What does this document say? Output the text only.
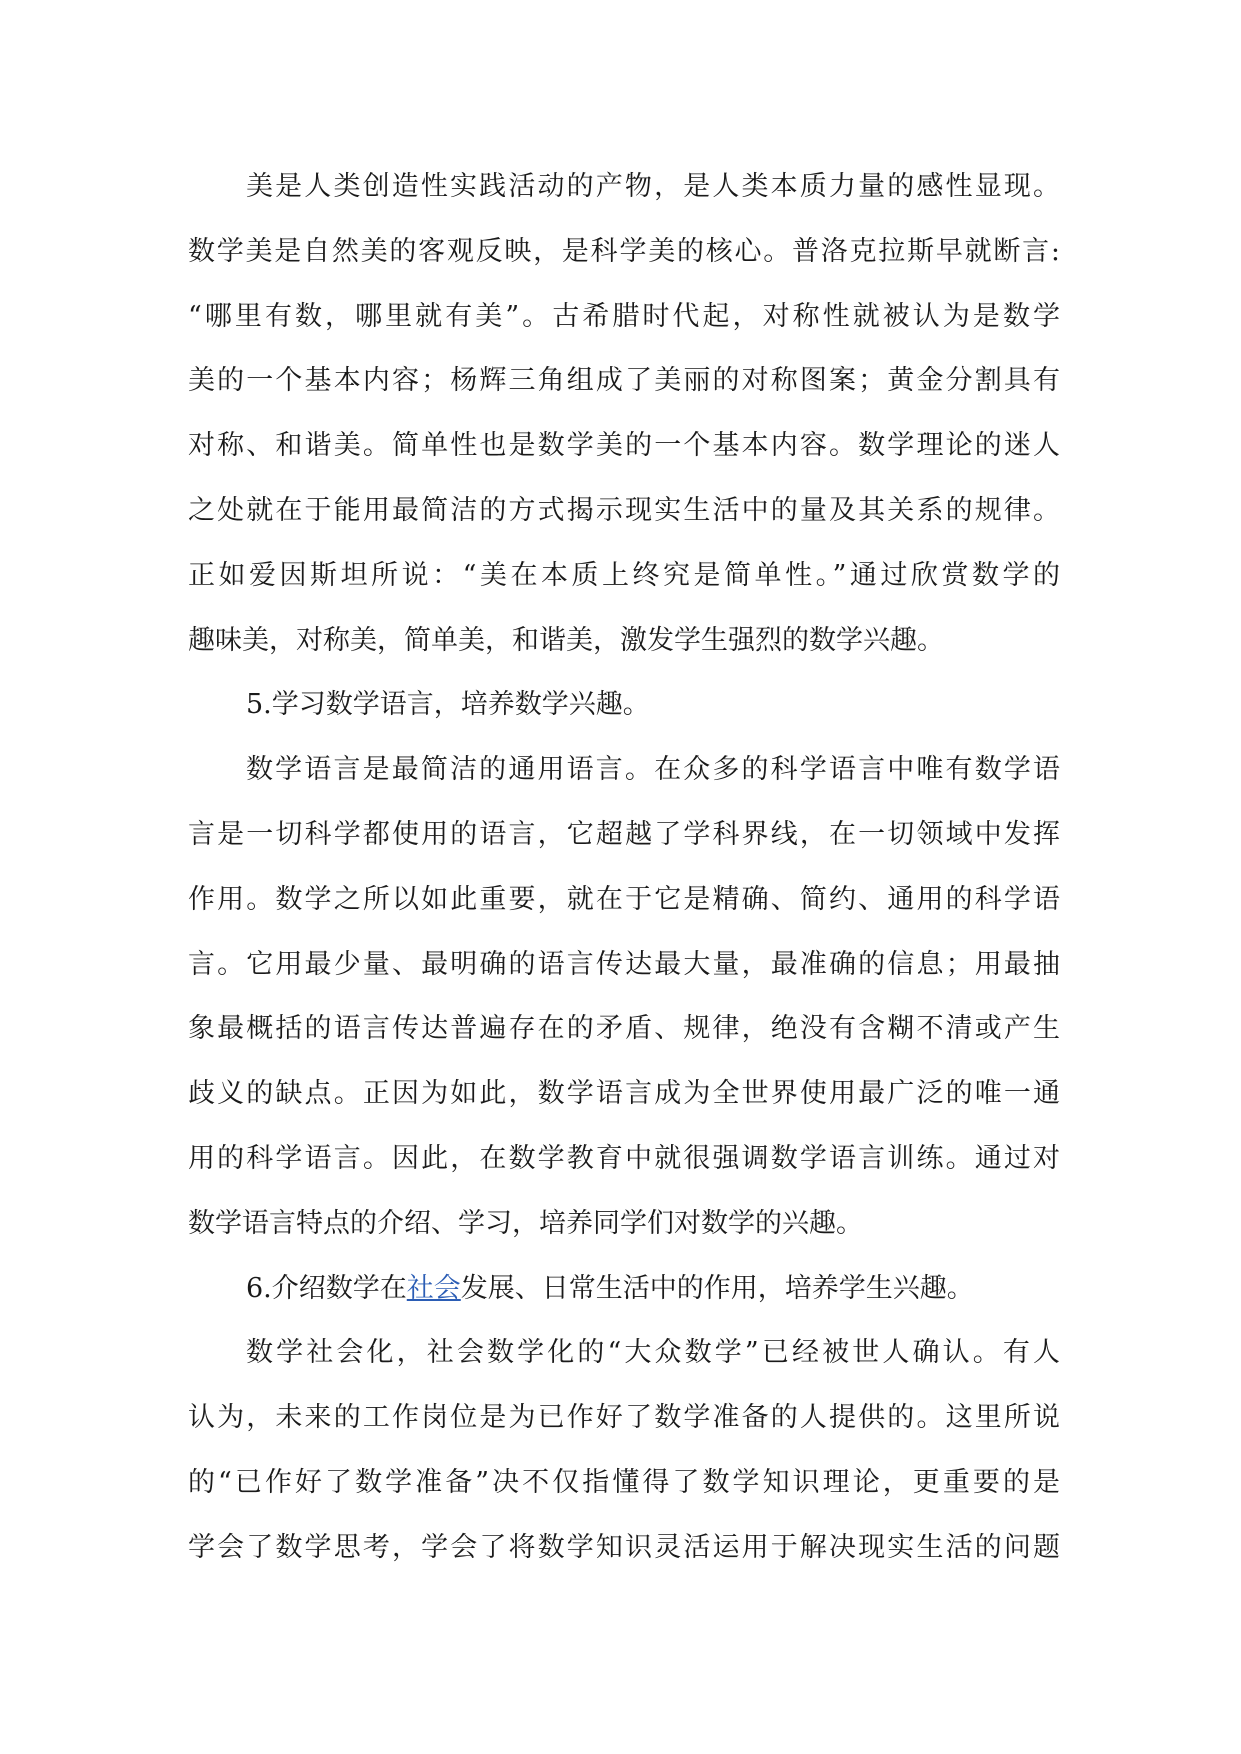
美是人类创造性实践活动的产物，是人类本质力量的感性显现。
数学美是自然美的客观反映，是科学美的核心。普洛克拉斯早就断言:
“哪里有数，哪里就有美”。古希腊时代起，对称性就被认为是数学
美的一个基本内容；杨辉三角组成了美丽的对称图案；黄金分割具有
对称、和谐美。简单性也是数学美的一个基本内容。数学理论的迷人
之处就在于能用最简洁的方式揭示现实生活中的量及其关系的规律。
正如爱因斯坦所说：“美在本质上终究是简单性。”通过欣赏数学的
趣味美，对称美，简单美，和谐美，激发学生强烈的数学兴趣。
5.学习数学语言，培养数学兴趣。
数学语言是最简洁的通用语言。在众多的科学语言中唯有数学语
言是一切科学都使用的语言，它超越了学科界线，在一切领域中发挥
作用。数学之所以如此重要，就在于它是精确、简约、通用的科学语
言。它用最少量、最明确的语言传达最大量，最准确的信息；用最抽
象最概括的语言传达普遍存在的矛盾、规律，绝没有含糊不清或产生
歧义的缺点。正因为如此，数学语言成为全世界使用最广泛的唯一通
用的科学语言。因此，在数学教育中就很强调数学语言训练。通过对
数学语言特点的介绍、学习，培养同学们对数学的兴趣。
6.介绍数学在社会发展、日常生活中的作用，培养学生兴趣。
数学社会化，社会数学化的“大众数学”已经被世人确认。有人
认为，未来的工作岗位是为已作好了数学准备的人提供的。这里所说
的“已作好了数学准备”决不仅指懂得了数学知识理论，更重要的是
学会了数学思考，学会了将数学知识灵活运用于解决现实生活的问题
